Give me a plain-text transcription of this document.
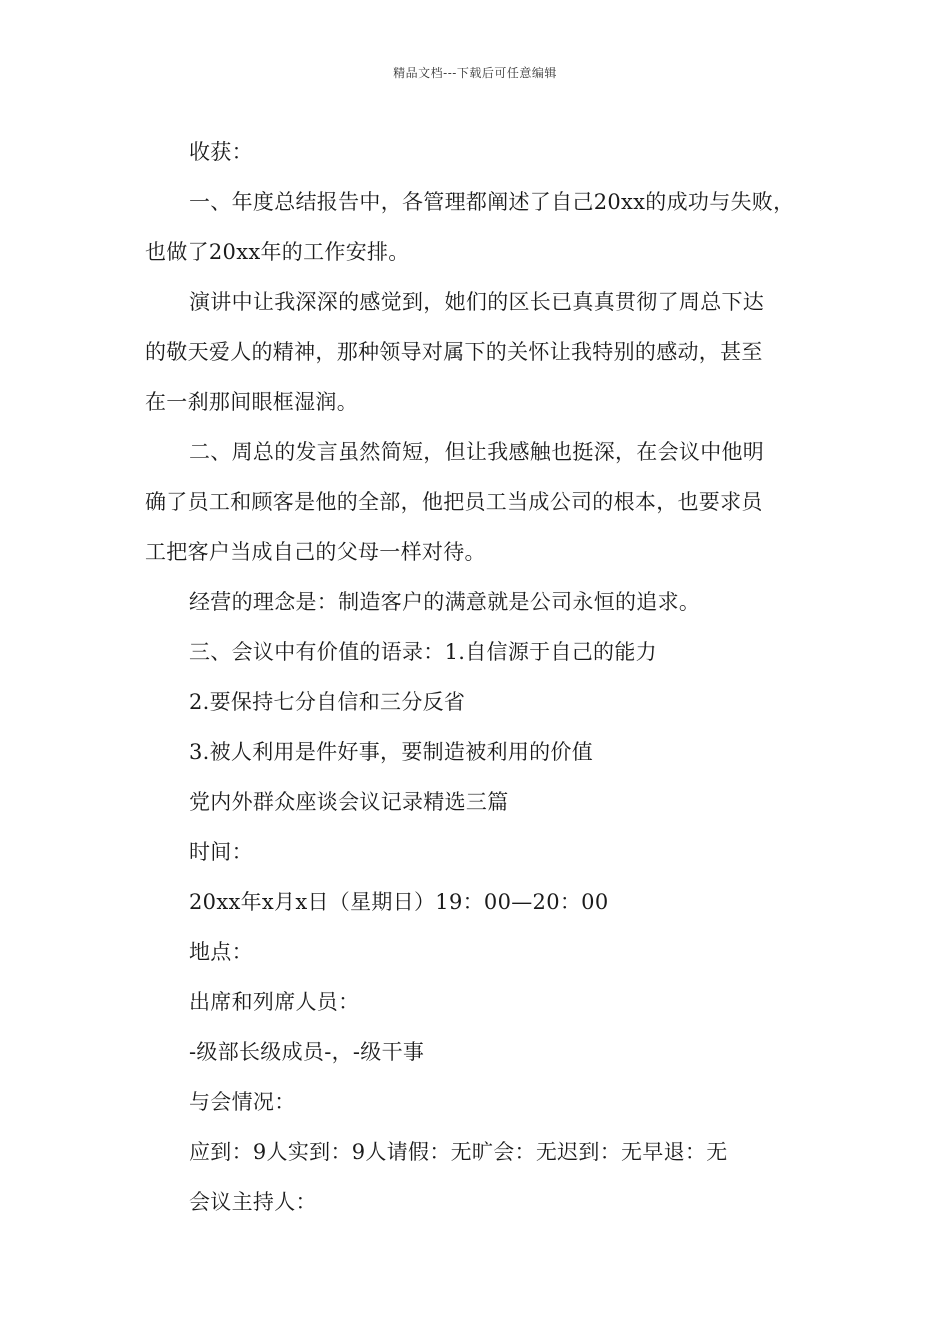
精品文档---下载后可任意编辑
收获：
一、年度总结报告中，各管理都阐述了自己20xx的成功与失败，
也做了20xx年的工作安排。
演讲中让我深深的感觉到，她们的区长已真真贯彻了周总下达
的敬天爱人的精神，那种领导对属下的关怀让我特别的感动，甚至
在一刹那间眼框湿润。
二、周总的发言虽然简短，但让我感触也挺深，在会议中他明
确了员工和顾客是他的全部，他把员工当成公司的根本，也要求员
工把客户当成自己的父母一样对待。
经营的理念是：制造客户的满意就是公司永恒的追求。
三、会议中有价值的语录：1.自信源于自己的能力
2.要保持七分自信和三分反省
3.被人利用是件好事，要制造被利用的价值
党内外群众座谈会议记录精选三篇
时间：
20xx年x月x日（星期日）19：00—20：00
地点：
出席和列席人员：
-级部长级成员-，-级干事
与会情况：
应到：9人实到：9人请假：无旷会：无迟到：无早退：无
会议主持人：
